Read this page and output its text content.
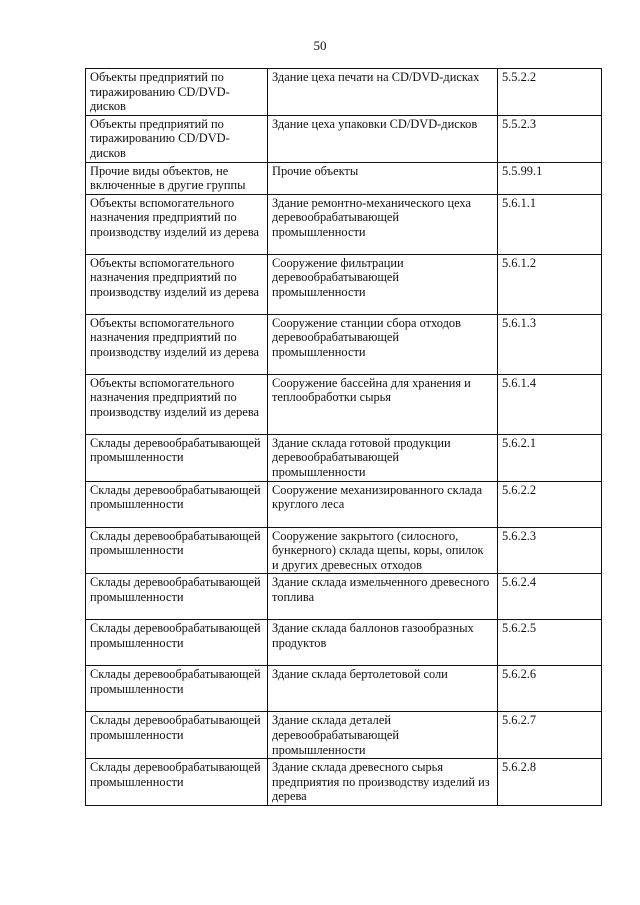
50
Объекты предприятий по тиражированию CD/DVD-дисков	Здание цеха печати на CD/DVD-дисках	5.5.2.2
Объекты предприятий по тиражированию CD/DVD-дисков	Здание цеха упаковки CD/DVD-дисков	5.5.2.3
Прочие виды объектов, не включенные в другие группы	Прочие объекты	5.5.99.1
Объекты вспомогательного назначения предприятий по производству изделий из дерева	Здание ремонтно-механического цеха деревообрабатывающей промышленности	5.6.1.1
Объекты вспомогательного назначения предприятий по производству изделий из дерева	Сооружение фильтрации деревообрабатывающей промышленности	5.6.1.2
Объекты вспомогательного назначения предприятий по производству изделий из дерева	Сооружение станции сбора отходов деревообрабатывающей промышленности	5.6.1.3
Объекты вспомогательного назначения предприятий по производству изделий из дерева	Сооружение бассейна для хранения и теплообработки сырья	5.6.1.4
Склады деревообрабатывающей промышленности	Здание склада готовой продукции деревообрабатывающей промышленности	5.6.2.1
Склады деревообрабатывающей промышленности	Сооружение механизированного склада круглого леса	5.6.2.2
Склады деревообрабатывающей промышленности	Сооружение закрытого (силосного, бункерного) склада щепы, коры, опилок и других древесных отходов	5.6.2.3
Склады деревообрабатывающей промышленности	Здание склада измельченного древесного топлива	5.6.2.4
Склады деревообрабатывающей промышленности	Здание склада баллонов газообразных продуктов	5.6.2.5
Склады деревообрабатывающей промышленности	Здание склада бертолетовой соли	5.6.2.6
Склады деревообрабатывающей промышленности	Здание склада деталей деревообрабатывающей промышленности	5.6.2.7
Склады деревообрабатывающей промышленности	Здание склада древесного сырья предприятия по производству изделий из дерева	5.6.2.8
